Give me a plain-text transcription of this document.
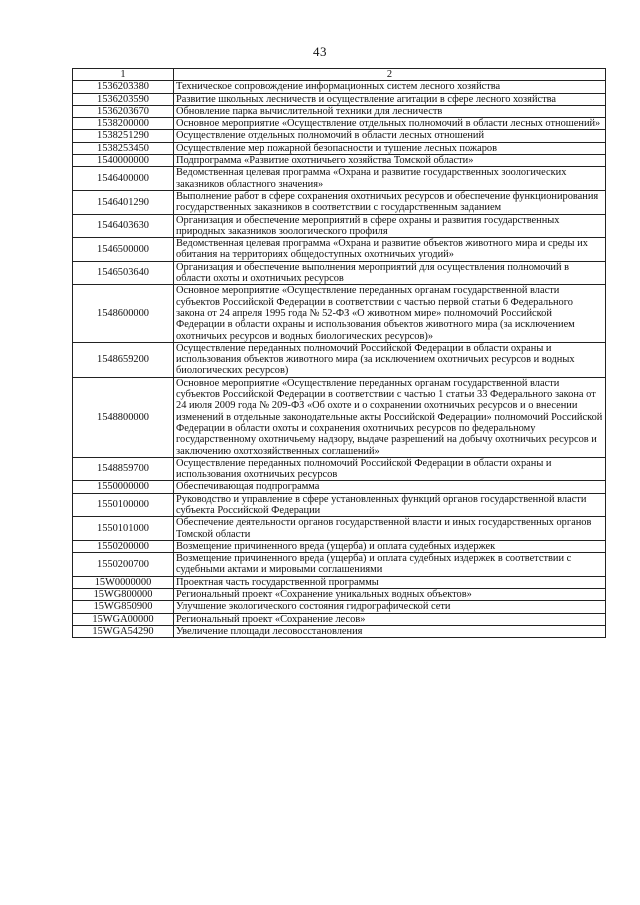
43
1	2
1536203380	Техническое сопровождение информационных систем лесного хозяйства
1536203590	Развитие школьных лесничеств и осуществление агитации в сфере лесного хозяйства
1536203670	Обновление парка вычислительной техники для лесничеств
1538200000	Основное мероприятие «Осуществление отдельных полномочий в области лесных отношений»
1538251290	Осуществление отдельных полномочий в области лесных отношений
1538253450	Осуществление мер пожарной безопасности и тушение лесных пожаров
1540000000	Подпрограмма «Развитие охотничьего хозяйства Томской области»
1546400000	Ведомственная целевая программа «Охрана и развитие государственных зоологических заказников областного значения»
1546401290	Выполнение работ в сфере сохранения охотничьих ресурсов и обеспечение функционирования государственных заказников в соответствии с государственным заданием
1546403630	Организация и обеспечение мероприятий в сфере охраны и развития государственных природных заказников зоологического профиля
1546500000	Ведомственная целевая программа «Охрана и развитие объектов животного мира и среды их обитания на территориях общедоступных охотничьих угодий»
1546503640	Организация и обеспечение выполнения мероприятий для осуществления полномочий в области охоты и охотничьих ресурсов
1548600000	Основное мероприятие «Осуществление переданных органам государственной власти субъектов Российской Федерации в соответствии с частью первой статьи 6 Федерального закона от 24 апреля 1995 года № 52-ФЗ «О животном мире» полномочий Российской Федерации в области охраны и использования объектов животного мира (за исключением охотничьих ресурсов и водных биологических ресурсов)»
1548659200	Осуществление переданных полномочий Российской Федерации в области охраны и использования объектов животного мира (за исключением охотничьих ресурсов и водных биологических ресурсов)
1548800000	Основное мероприятие «Осуществление переданных органам государственной власти субъектов Российской Федерации в соответствии с частью 1 статьи 33 Федерального закона от 24 июля 2009 года № 209-ФЗ «Об охоте и о сохранении охотничьих ресурсов и о внесении изменений в отдельные законодательные акты Российской Федерации» полномочий Российской Федерации в области охоты и сохранения охотничьих ресурсов по федеральному государственному охотничьему надзору, выдаче разрешений на добычу охотничьих ресурсов и заключению охотхозяйственных соглашений»
1548859700	Осуществление переданных полномочий Российской Федерации в области охраны и использования охотничьих ресурсов
1550000000	Обеспечивающая подпрограмма
1550100000	Руководство и управление в сфере установленных функций органов государственной власти субъекта Российской Федерации
1550101000	Обеспечение деятельности органов государственной власти и иных государственных органов Томской области
1550200000	Возмещение причиненного вреда (ущерба) и оплата судебных издержек
1550200700	Возмещение причиненного вреда (ущерба) и оплата судебных издержек в соответствии с судебными актами и мировыми соглашениями
15W0000000	Проектная часть государственной программы
15WG800000	Региональный проект «Сохранение уникальных водных объектов»
15WG850900	Улучшение экологического состояния гидрографической сети
15WGA00000	Региональный проект «Сохранение лесов»
15WGA54290	Увеличение площади лесовосстановления
